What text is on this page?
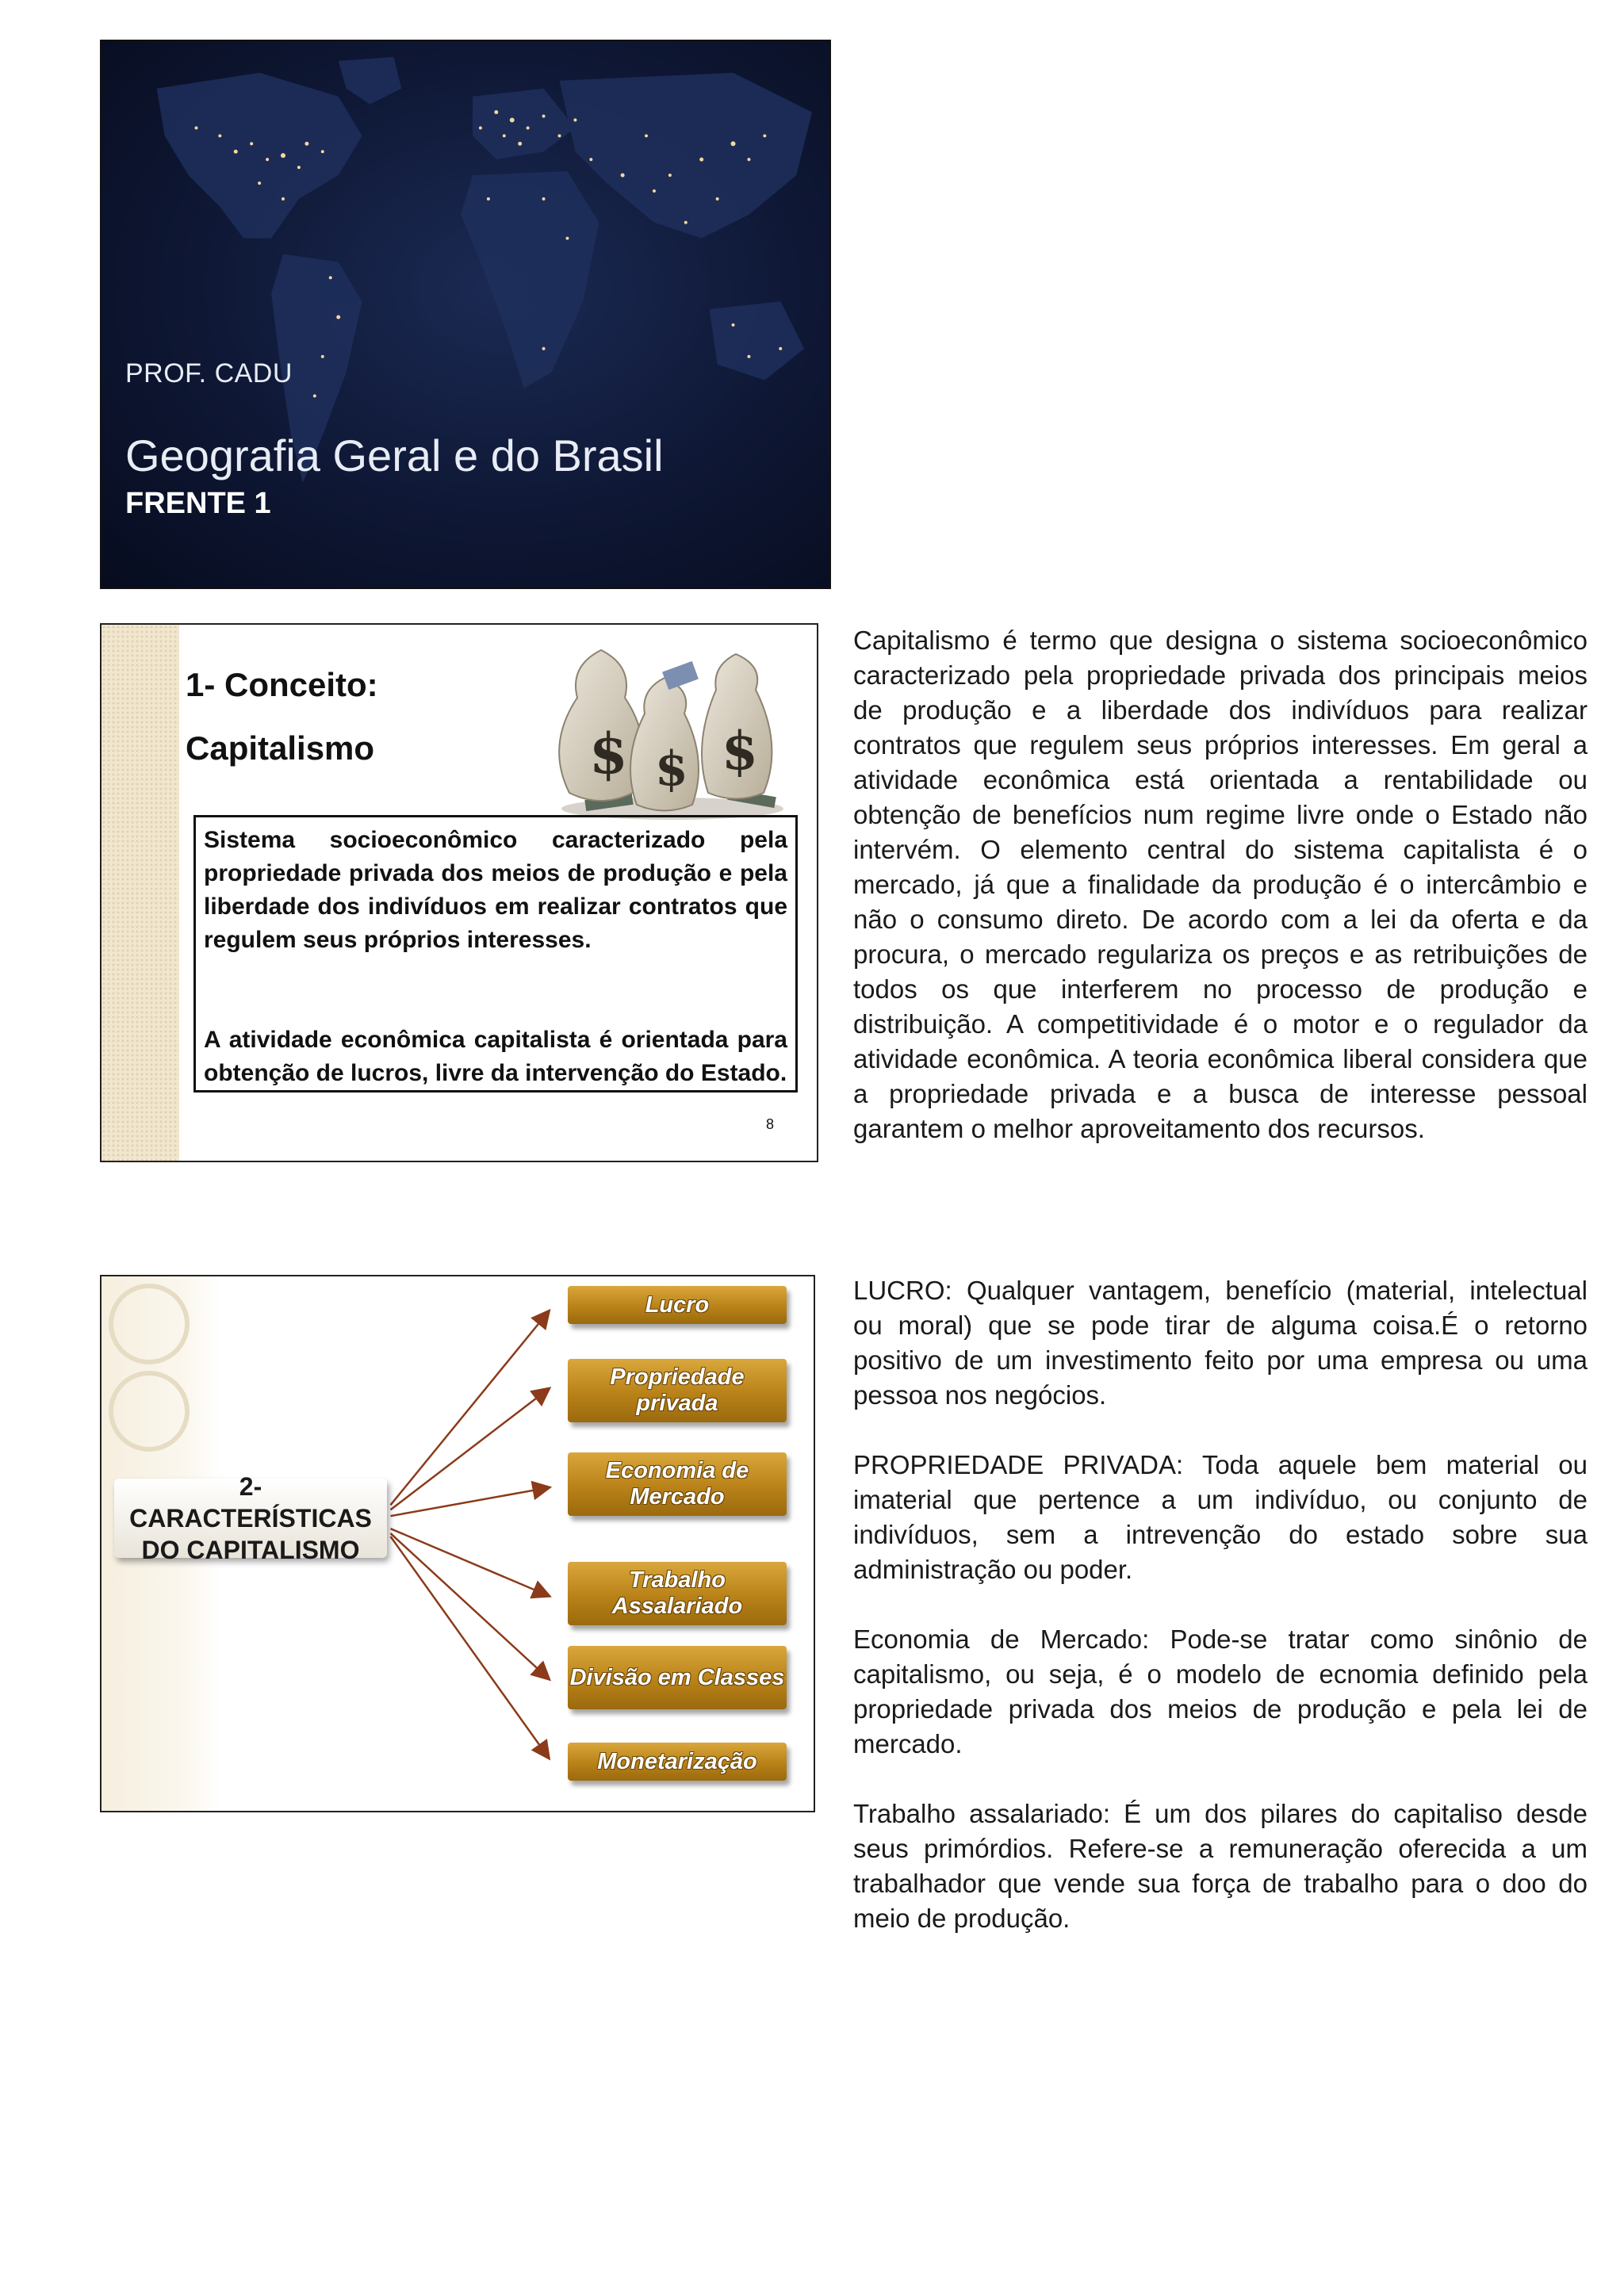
PROF. CADU
Geografia Geral e do Brasil
FRENTE 1
1- Conceito:
Capitalismo	$ $ $

Sistema socioeconômico caracterizado pela propriedade privada dos meios de produção e pela liberdade dos indivíduos em realizar contratos que regulem seus próprios interesses.

A atividade econômica capitalista é orientada para obtenção de lucros, livre da intervenção do Estado.

8

Capitalismo é termo que designa o sistema socioeconômico caracterizado pela propriedade privada dos principais meios de produção e a liberdade dos indivíduos para realizar contratos que regulem seus próprios interesses. Em geral a atividade econômica está orientada a rentabilidade ou obtenção de benefícios num regime livre onde o Estado não intervém. O elemento central do sistema capitalista é o mercado, já que a finalidade da produção é o intercâmbio e não o consumo direto. De acordo com a lei da oferta e da procura, o mercado regulariza os preços e as retribuições de todos os que interferem no processo de produção e distribuição. A competitividade é o motor e o regulador da atividade econômica. A teoria econômica liberal considera que a propriedade privada e a busca de interesse pessoal garantem o melhor aproveitamento dos recursos.

2-CARACTERÍSTICAS DO CAPITALISMO
Lucro
Propriedade privada
Economia de Mercado
Trabalho Assalariado
Divisão em Classes
Monetarização

LUCRO: Qualquer vantagem, benefício (material, intelectual ou moral) que se pode tirar de alguma coisa.É o retorno positivo de um investimento feito por uma empresa ou uma pessoa nos negócios.

PROPRIEDADE PRIVADA: Toda aquele bem material ou imaterial que pertence a um indivíduo, ou conjunto de indivíduos, sem a intrevenção do estado sobre sua administração ou poder.

Economia de Mercado: Pode-se tratar como sinônio de capitalismo, ou seja, é o modelo de ecnomia definido pela propriedade privada dos meios de produção e pela lei de mercado.

Trabalho assalariado: É um dos pilares do capitaliso desde seus primórdios. Refere-se a remuneração oferecida a um trabalhador que vende sua força de trabalho para o doo do meio de produção.
